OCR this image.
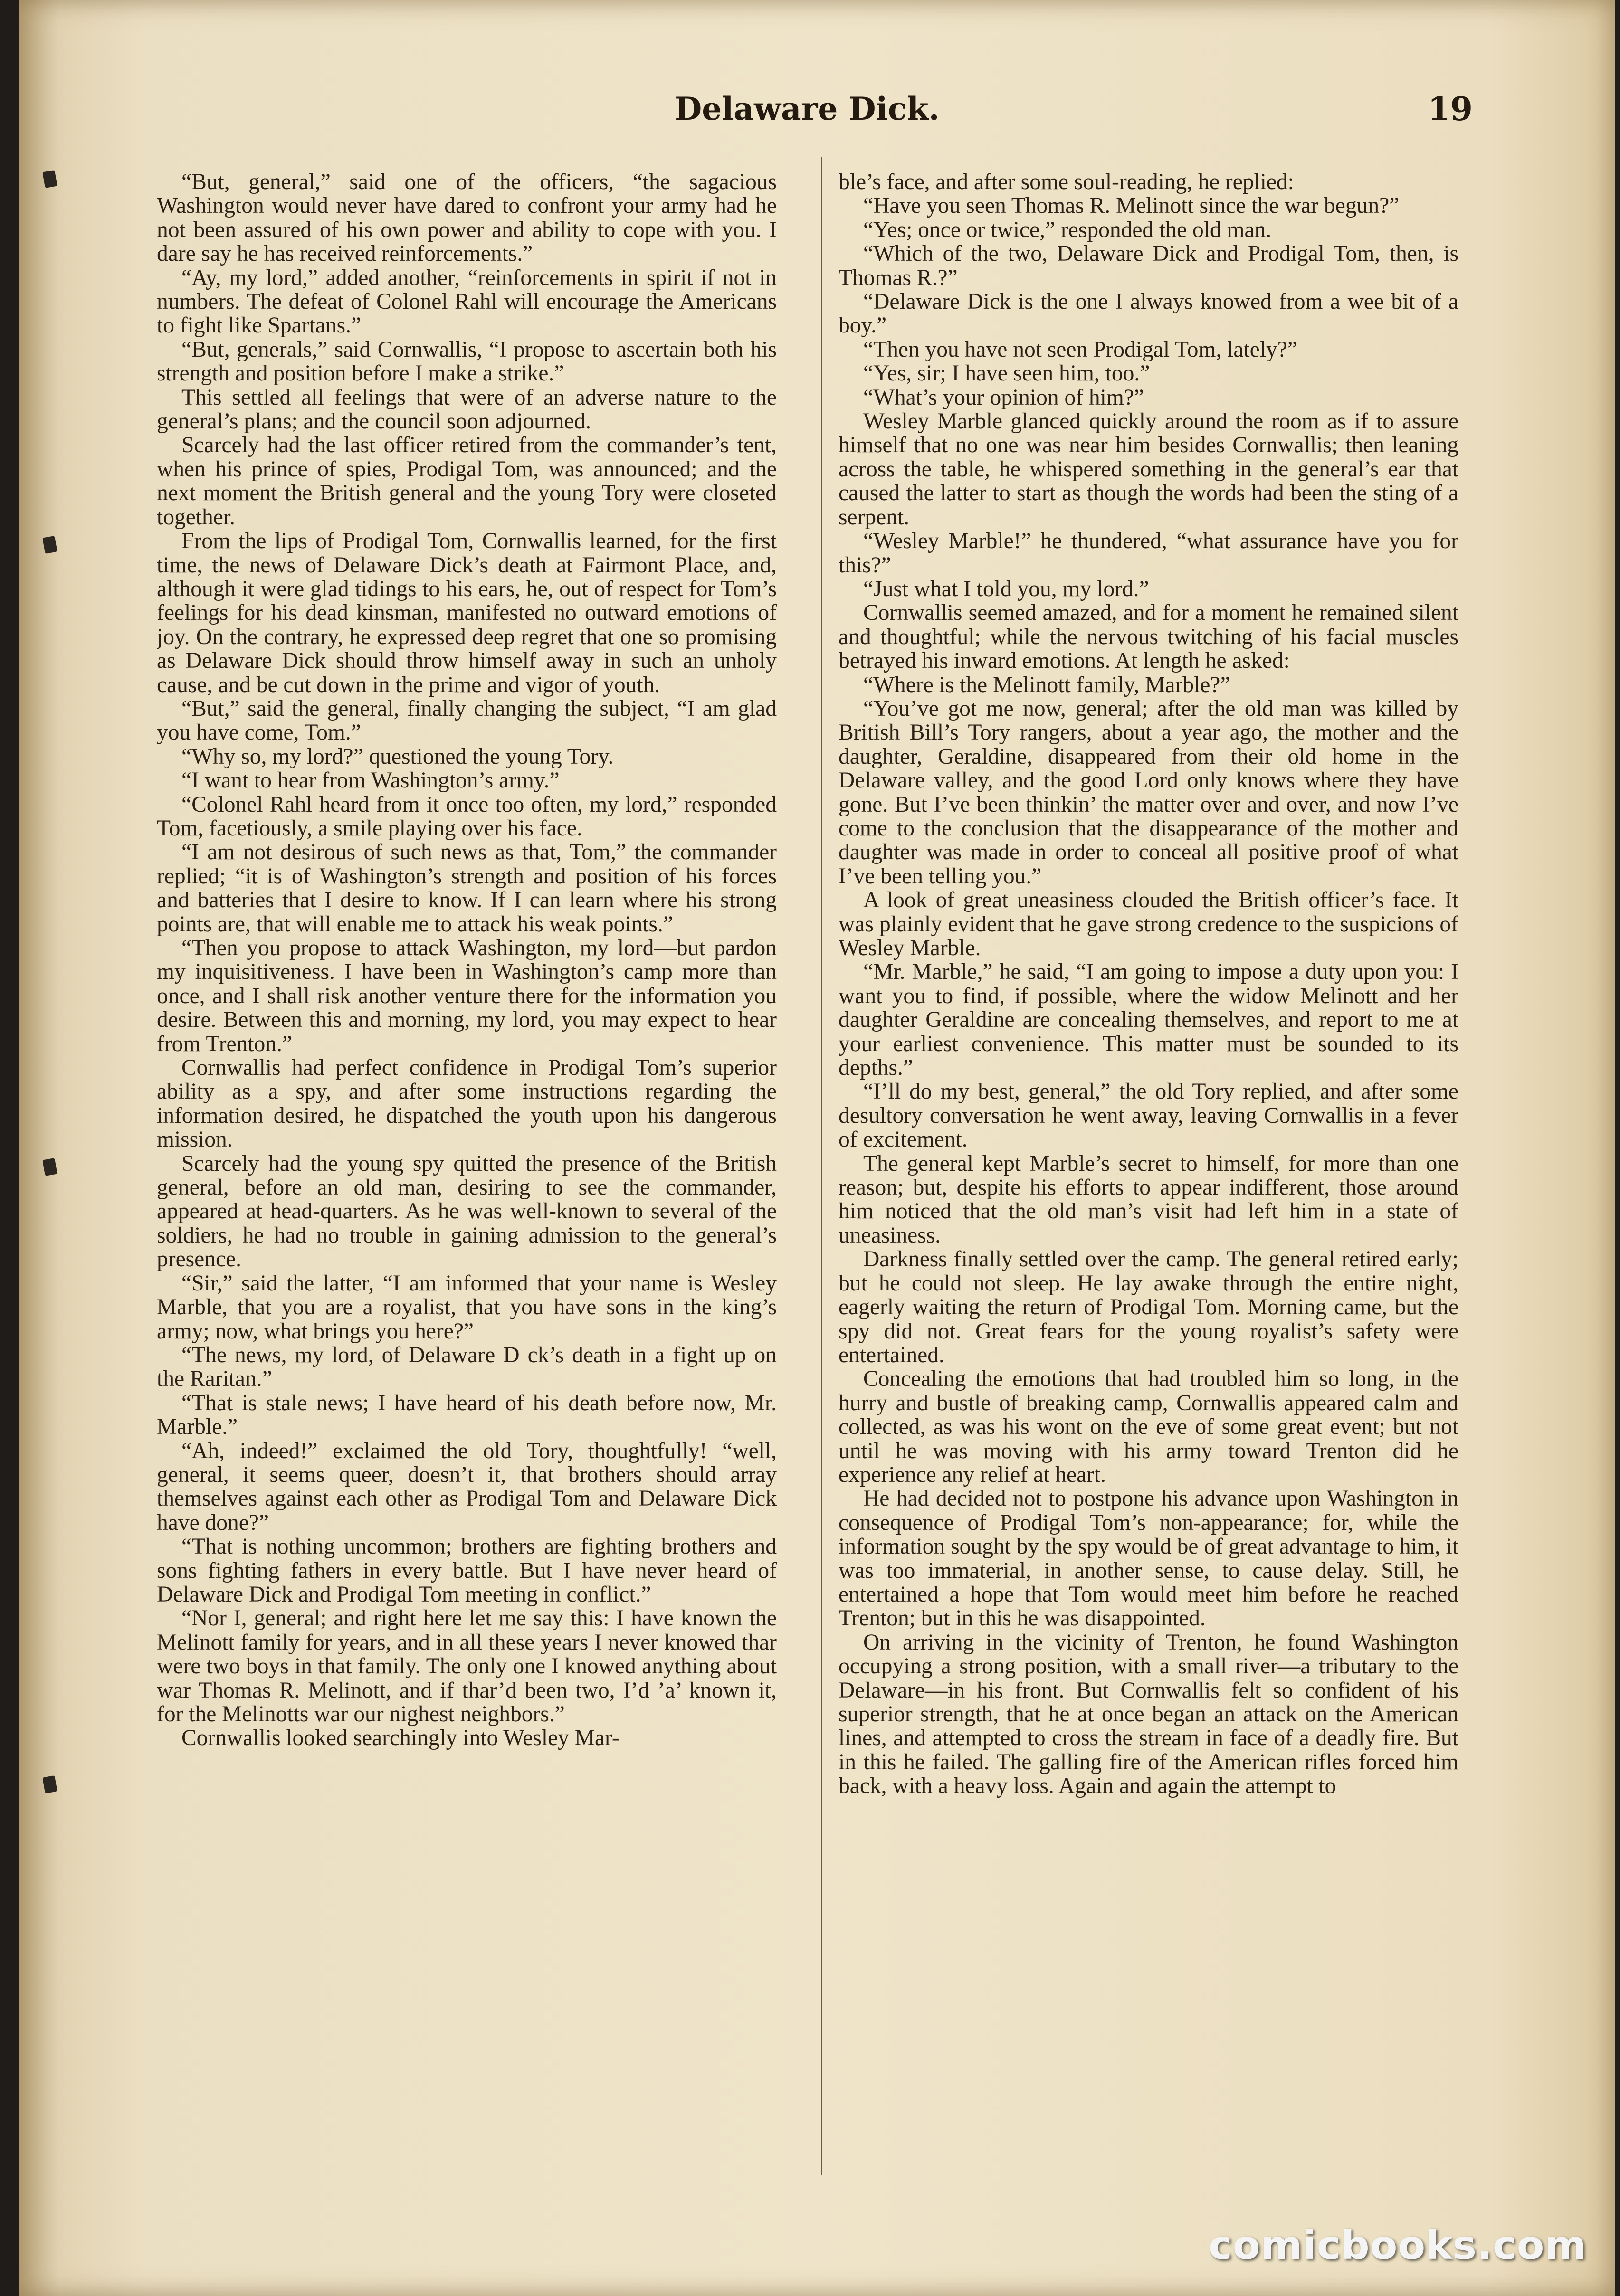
Delaware Dick.	19

“But, general,” said one of the officers, “the sagacious Washington would never have dared to confront your army had he not been assured of his own power and ability to cope with you. I dare say he has received reinforcements.”

“Ay, my lord,” added another, “reinforcements in spirit if not in numbers. The defeat of Colonel Rahl will encourage the Americans to fight like Spartans.”

“But, generals,” said Cornwallis, “I propose to ascertain both his strength and position before I make a strike.”

This settled all feelings that were of an adverse nature to the general’s plans; and the council soon adjourned.

Scarcely had the last officer retired from the commander’s tent, when his prince of spies, Prodigal Tom, was announced; and the next moment the British general and the young Tory were closeted together.

From the lips of Prodigal Tom, Cornwallis learned, for the first time, the news of Delaware Dick’s death at Fairmont Place, and, although it were glad tidings to his ears, he, out of respect for Tom’s feelings for his dead kinsman, manifested no outward emotions of joy. On the contrary, he expressed deep regret that one so promising as Delaware Dick should throw himself away in such an unholy cause, and be cut down in the prime and vigor of youth.

“But,” said the general, finally changing the subject, “I am glad you have come, Tom.”

“Why so, my lord?” questioned the young Tory.

“I want to hear from Washington’s army.”

“Colonel Rahl heard from it once too often, my lord,” responded Tom, facetiously, a smile playing over his face.

“I am not desirous of such news as that, Tom,” the commander replied; “it is of Washington’s strength and position of his forces and batteries that I desire to know. If I can learn where his strong points are, that will enable me to attack his weak points.”

“Then you propose to attack Washington, my lord—but pardon my inquisitiveness. I have been in Washington’s camp more than once, and I shall risk another venture there for the information you desire. Between this and morning, my lord, you may expect to hear from Trenton.”

Cornwallis had perfect confidence in Prodigal Tom’s superior ability as a spy, and after some instructions regarding the information desired, he dispatched the youth upon his dangerous mission.

Scarcely had the young spy quitted the presence of the British general, before an old man, desiring to see the commander, appeared at head-quarters. As he was well-known to several of the soldiers, he had no trouble in gaining admission to the general’s presence.

“Sir,” said the latter, “I am informed that your name is Wesley Marble, that you are a royalist, that you have sons in the king’s army; now, what brings you here?”

“The news, my lord, of Delaware D ck’s death in a fight up on the Raritan.”

“That is stale news; I have heard of his death before now, Mr. Marble.”

“Ah, indeed!” exclaimed the old Tory, thoughtfully! “well, general, it seems queer, doesn’t it, that brothers should array themselves against each other as Prodigal Tom and Delaware Dick have done?”

“That is nothing uncommon; brothers are fighting brothers and sons fighting fathers in every battle. But I have never heard of Delaware Dick and Prodigal Tom meeting in conflict.”

“Nor I, general; and right here let me say this: I have known the Melinott family for years, and in all these years I never knowed thar were two boys in that family. The only one I knowed anything about war Thomas R. Melinott, and if thar’d been two, I’d ’a’ known it, for the Melinotts war our nighest neighbors.”

Cornwallis looked searchingly into Wesley Mar-

ble’s face, and after some soul-reading, he replied:

“Have you seen Thomas R. Melinott since the war begun?”

“Yes; once or twice,” responded the old man.

“Which of the two, Delaware Dick and Prodigal Tom, then, is Thomas R.?”

“Delaware Dick is the one I always knowed from a wee bit of a boy.”

“Then you have not seen Prodigal Tom, lately?”

“Yes, sir; I have seen him, too.”

“What’s your opinion of him?”

Wesley Marble glanced quickly around the room as if to assure himself that no one was near him besides Cornwallis; then leaning across the table, he whispered something in the general’s ear that caused the latter to start as though the words had been the sting of a serpent.

“Wesley Marble!” he thundered, “what assurance have you for this?”

“Just what I told you, my lord.”

Cornwallis seemed amazed, and for a moment he remained silent and thoughtful; while the nervous twitching of his facial muscles betrayed his inward emotions. At length he asked:

“Where is the Melinott family, Marble?”

“You’ve got me now, general; after the old man was killed by British Bill’s Tory rangers, about a year ago, the mother and the daughter, Geraldine, disappeared from their old home in the Delaware valley, and the good Lord only knows where they have gone. But I’ve been thinkin’ the matter over and over, and now I’ve come to the conclusion that the disappearance of the mother and daughter was made in order to conceal all positive proof of what I’ve been telling you.”

A look of great uneasiness clouded the British officer’s face. It was plainly evident that he gave strong credence to the suspicions of Wesley Marble.

“Mr. Marble,” he said, “I am going to impose a duty upon you: I want you to find, if possible, where the widow Melinott and her daughter Geraldine are concealing themselves, and report to me at your earliest convenience. This matter must be sounded to its depths.”

“I’ll do my best, general,” the old Tory replied, and after some desultory conversation he went away, leaving Cornwallis in a fever of excitement.

The general kept Marble’s secret to himself, for more than one reason; but, despite his efforts to appear indifferent, those around him noticed that the old man’s visit had left him in a state of uneasiness.

Darkness finally settled over the camp. The general retired early; but he could not sleep. He lay awake through the entire night, eagerly waiting the return of Prodigal Tom. Morning came, but the spy did not. Great fears for the young royalist’s safety were entertained.

Concealing the emotions that had troubled him so long, in the hurry and bustle of breaking camp, Cornwallis appeared calm and collected, as was his wont on the eve of some great event; but not until he was moving with his army toward Trenton did he experience any relief at heart.

He had decided not to postpone his advance upon Washington in consequence of Prodigal Tom’s non-appearance; for, while the information sought by the spy would be of great advantage to him, it was too immaterial, in another sense, to cause delay. Still, he entertained a hope that Tom would meet him before he reached Trenton; but in this he was disappointed.

On arriving in the vicinity of Trenton, he found Washington occupying a strong position, with a small river—a tributary to the Delaware—in his front. But Cornwallis felt so confident of his superior strength, that he at once began an attack on the American lines, and attempted to cross the stream in face of a deadly fire. But in this he failed. The galling fire of the American rifles forced him back, with a heavy loss. Again and again the attempt to

comicbooks.com
